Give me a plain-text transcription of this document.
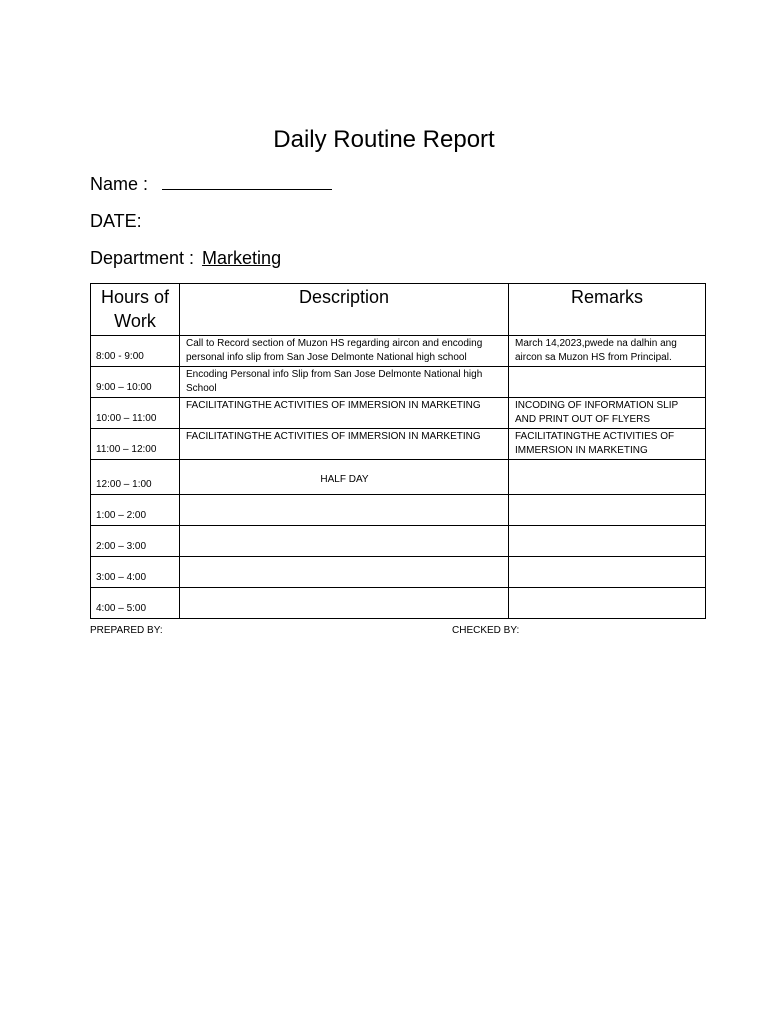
Daily Routine Report
Name :
DATE:
Department : Marketing
Hours of Work	Description	Remarks
8:00 - 9:00	Call to Record section of Muzon HS regarding aircon and encoding personal info slip from San Jose Delmonte National high school	March 14,2023,pwede na dalhin ang aircon sa Muzon HS from Principal.
9:00 – 10:00	Encoding Personal info Slip from San Jose Delmonte National high School	
10:00 – 11:00	FACILITATINGTHE ACTIVITIES OF IMMERSION IN MARKETING	INCODING OF INFORMATION SLIP AND PRINT OUT OF FLYERS
11:00 – 12:00	FACILITATINGTHE ACTIVITIES OF IMMERSION IN MARKETING	FACILITATINGTHE ACTIVITIES OF IMMERSION IN MARKETING
12:00 – 1:00	HALF DAY	
1:00 – 2:00		
2:00 – 3:00		
3:00 – 4:00		
4:00 – 5:00		
PREPARED BY:	CHECKED BY:
